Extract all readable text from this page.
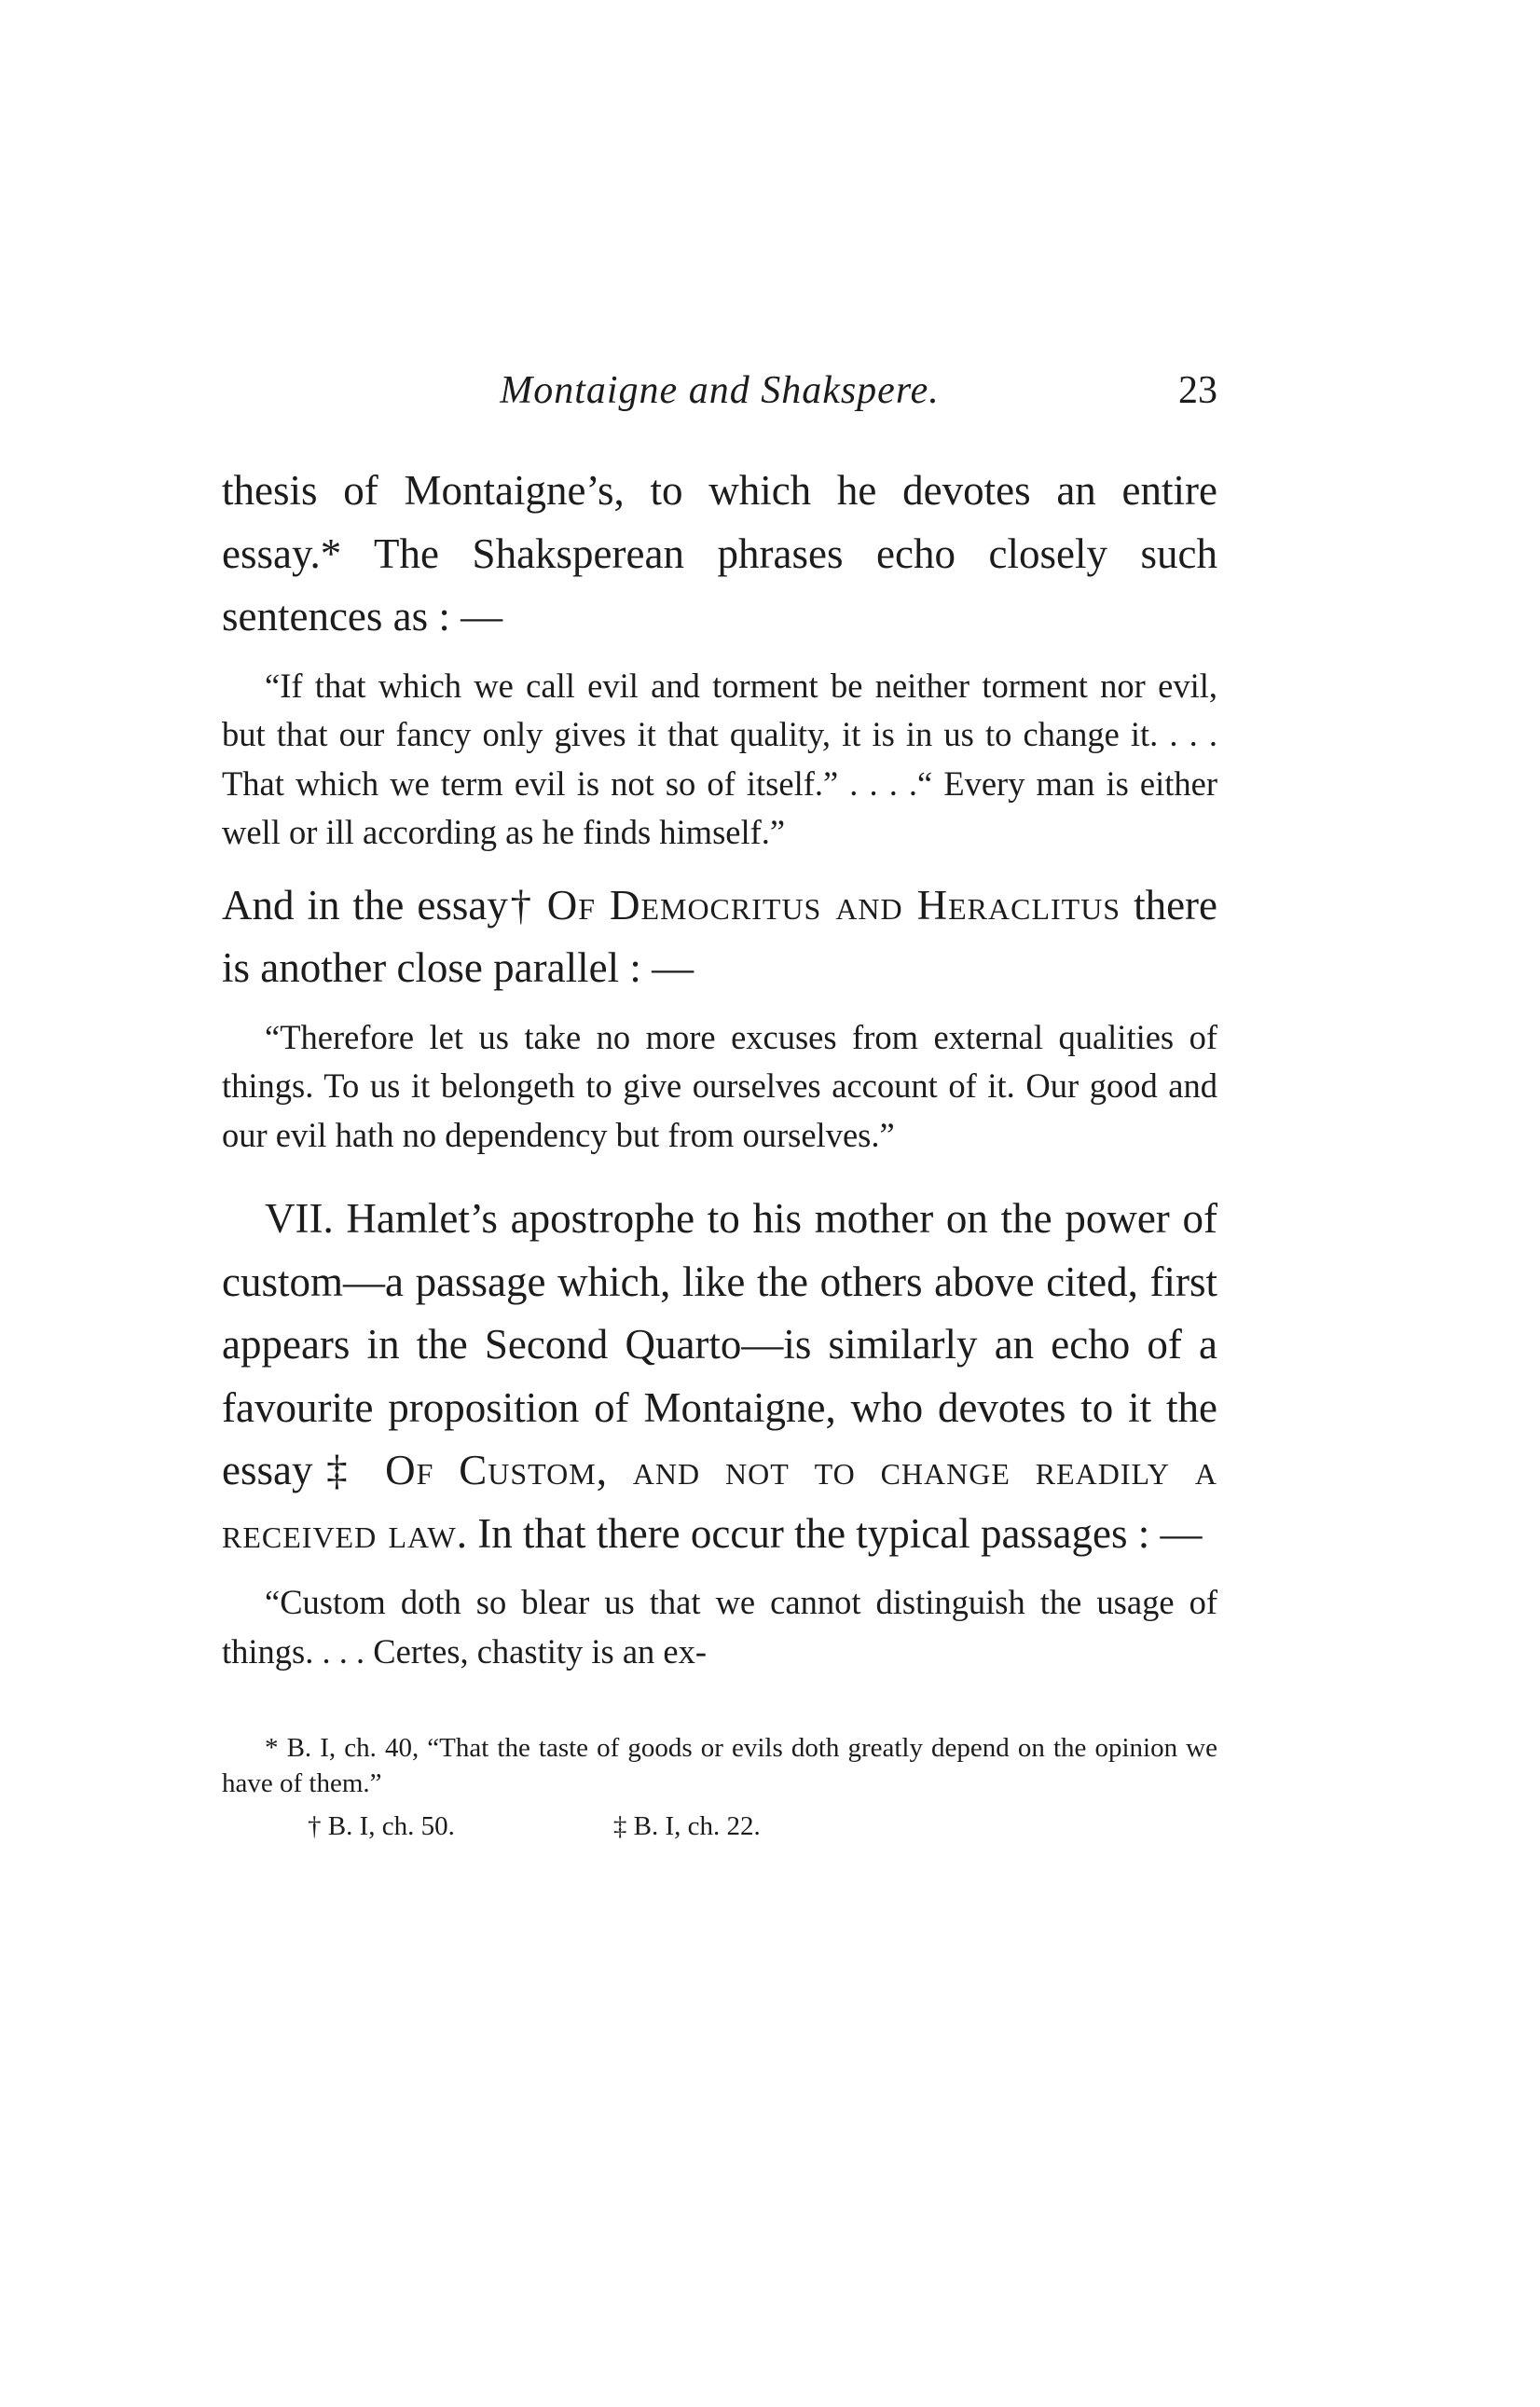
Montaigne and Shakspere.	23

thesis of Montaigne’s, to which he devotes an entire essay.* The Shaksperean phrases echo closely such sentences as : —

“If that which we call evil and torment be neither torment nor evil, but that our fancy only gives it that quality, it is in us to change it. . . . That which we term evil is not so of itself.” . . . .“ Every man is either well or ill according as he finds himself.”

And in the essay† Of Democritus and Heraclitus there is another close parallel : —

“Therefore let us take no more excuses from external qualities of things. To us it belongeth to give ourselves account of it. Our good and our evil hath no dependency but from ourselves.”

VII. Hamlet’s apostrophe to his mother on the power of custom—a passage which, like the others above cited, first appears in the Second Quarto—is similarly an echo of a favourite proposition of Montaigne, who devotes to it the essay‡ Of Custom, and not to change readily a received law. In that there occur the typical passages : —

“Custom doth so blear us that we cannot distinguish the usage of things. . . . Certes, chastity is an ex-

* B. I, ch. 40, “That the taste of goods or evils doth greatly depend on the opinion we have of them.”
† B. I, ch. 50.	‡ B. I, ch. 22.
